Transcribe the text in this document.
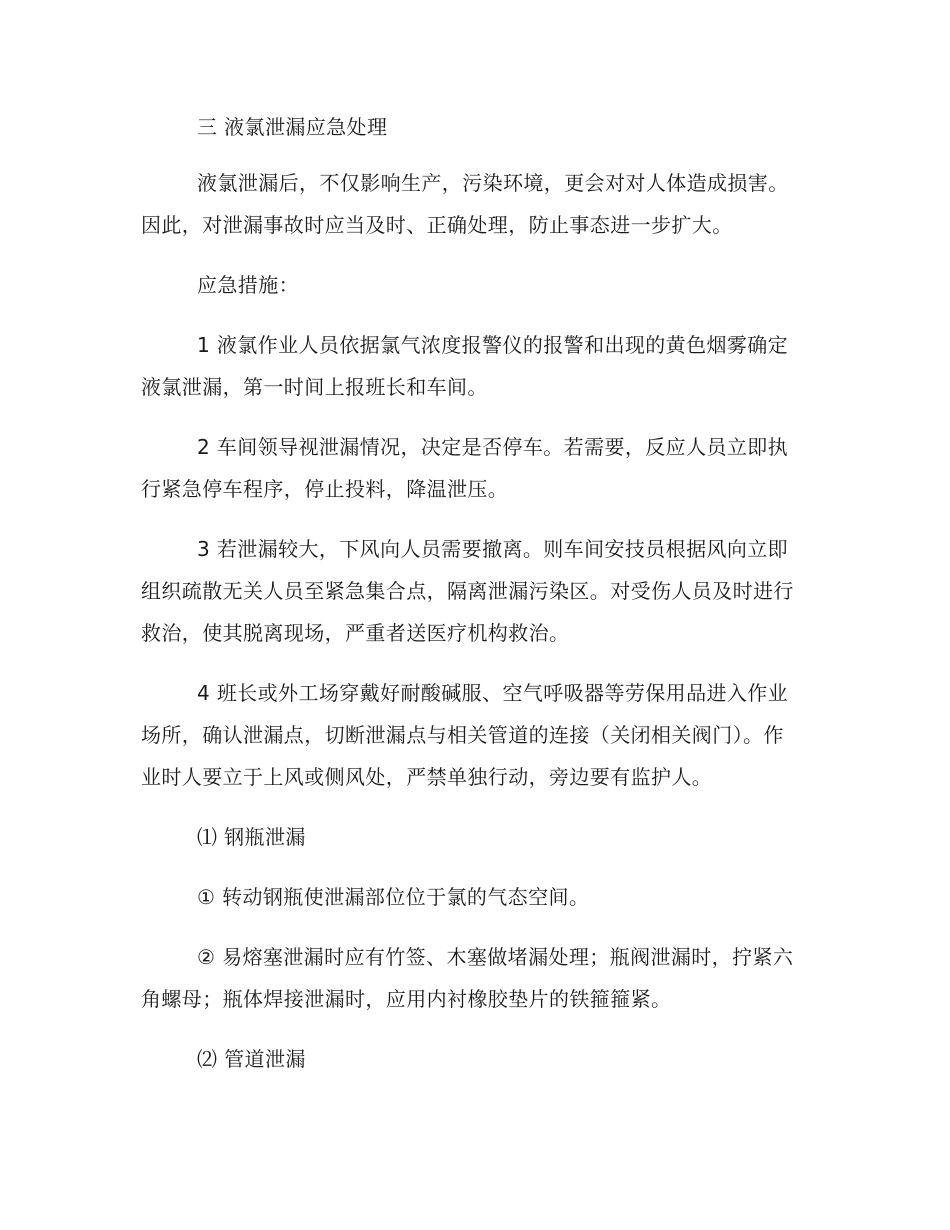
三 液氯泄漏应急处理

液氯泄漏后，不仅影响生产，污染环境，更会对对人体造成损害。因此，对泄漏事故时应当及时、正确处理，防止事态进一步扩大。

应急措施：

1 液氯作业人员依据氯气浓度报警仪的报警和出现的黄色烟雾确定液氯泄漏，第一时间上报班长和车间。

2 车间领导视泄漏情况，决定是否停车。若需要，反应人员立即执行紧急停车程序，停止投料，降温泄压。

3 若泄漏较大，下风向人员需要撤离。则车间安技员根据风向立即组织疏散无关人员至紧急集合点，隔离泄漏污染区。对受伤人员及时进行救治，使其脱离现场，严重者送医疗机构救治。

4 班长或外工场穿戴好耐酸碱服、空气呼吸器等劳保用品进入作业场所，确认泄漏点，切断泄漏点与相关管道的连接（关闭相关阀门）。作业时人要立于上风或侧风处，严禁单独行动，旁边要有监护人。

⑴ 钢瓶泄漏

① 转动钢瓶使泄漏部位位于氯的气态空间。

② 易熔塞泄漏时应有竹签、木塞做堵漏处理；瓶阀泄漏时，拧紧六角螺母；瓶体焊接泄漏时，应用内衬橡胶垫片的铁箍箍紧。

⑵ 管道泄漏
